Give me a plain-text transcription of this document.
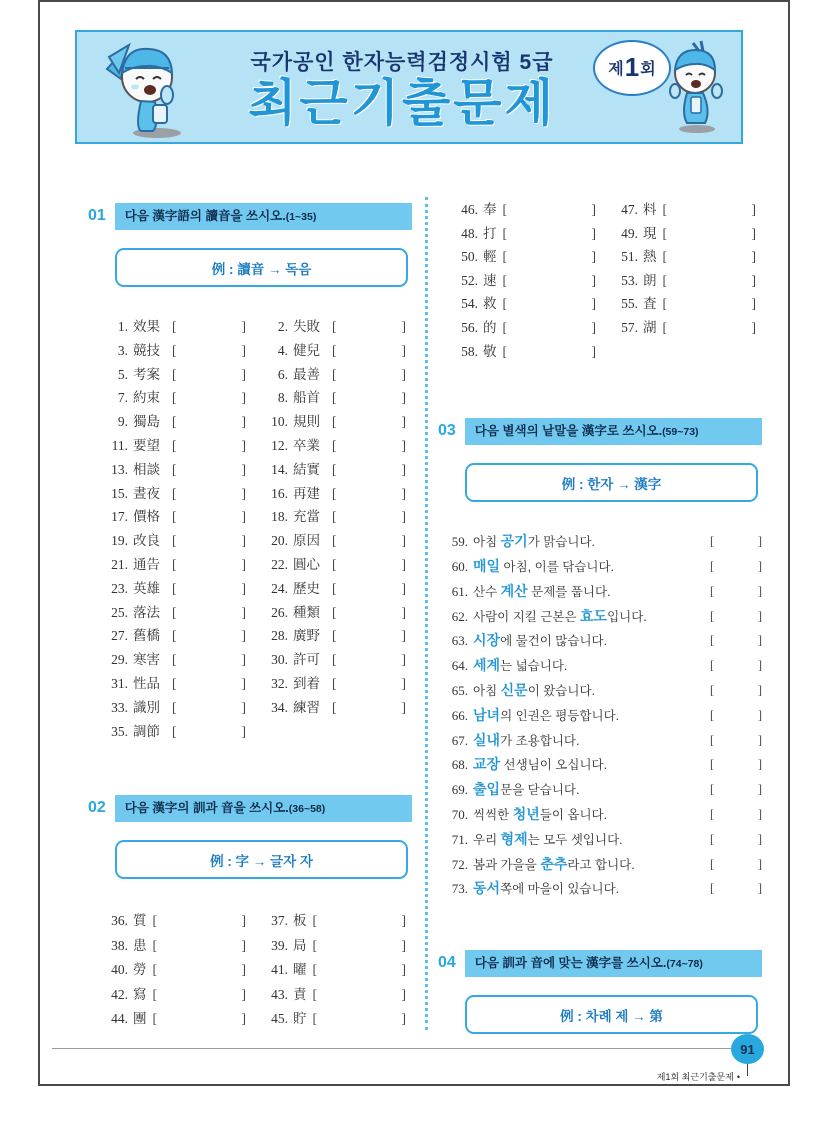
국가공인 한자능력검정시험 5급
최근기출문제
제 1 회
01	다음 漢字語의 讀音을 쓰시오.(1~35)
例 : 讀音 → 독음
1. 效果 [	]	2. 失敗 [	]
3. 競技 [	]	4. 健兒 [	]
5. 考案 [	]	6. 最善 [	]
7. 約束 [	]	8. 船首 [	]
9. 獨島 [	]	10. 規則 [	]
11. 要望 [	]	12. 卒業 [	]
13. 相談 [	]	14. 結實 [	]
15. 晝夜 [	]	16. 再建 [	]
17. 價格 [	]	18. 充當 [	]
19. 改良 [	]	20. 原因 [	]
21. 通告 [	]	22. 圓心 [	]
23. 英雄 [	]	24. 歷史 [	]
25. 落法 [	]	26. 種類 [	]
27. 舊橋 [	]	28. 廣野 [	]
29. 寒害 [	]	30. 許可 [	]
31. 性品 [	]	32. 到着 [	]
33. 識別 [	]	34. 練習 [	]
35. 調節 [	]
02	다음 漢字의 訓과 音을 쓰시오.(36~58)
例 : 字 → 글자 자
36. 質 [	]	37. 板 [	]
38. 患 [	]	39. 局 [	]
40. 勞 [	]	41. 曜 [	]
42. 寫 [	]	43. 責 [	]
44. 團 [	]	45. 貯 [	]
46. 奉 [	]	47. 料 [	]
48. 打 [	]	49. 現 [	]
50. 輕 [	]	51. 熱 [	]
52. 速 [	]	53. 朗 [	]
54. 救 [	]	55. 査 [	]
56. 的 [	]	57. 湖 [	]
58. 敬 [	]
03	다음 별색의 낱말을 漢字로 쓰시오.(59~73)
例 : 한자 → 漢字
59. 아침 공기가 맑습니다.	[	]
60. 매일 아침, 이를 닦습니다.	[	]
61. 산수 계산 문제를 풉니다.	[	]
62. 사람이 지킬 근본은 효도입니다.	[	]
63. 시장에 물건이 많습니다.	[	]
64. 세계는 넓습니다.	[	]
65. 아침 신문이 왔습니다.	[	]
66. 남녀의 인권은 평등합니다.	[	]
67. 실내가 조용합니다.	[	]
68. 교장 선생님이 오십니다.	[	]
69. 출입문을 닫습니다.	[	]
70. 씩씩한 청년들이 옵니다.	[	]
71. 우리 형제는 모두 셋입니다.	[	]
72. 봄과 가을을 춘추라고 합니다.	[	]
73. 동서쪽에 마을이 있습니다.	[	]
04	다음 訓과 音에 맞는 漢字를 쓰시오.(74~78)
例 : 차례 제 → 第
91
제1회 최근기출문제 •
